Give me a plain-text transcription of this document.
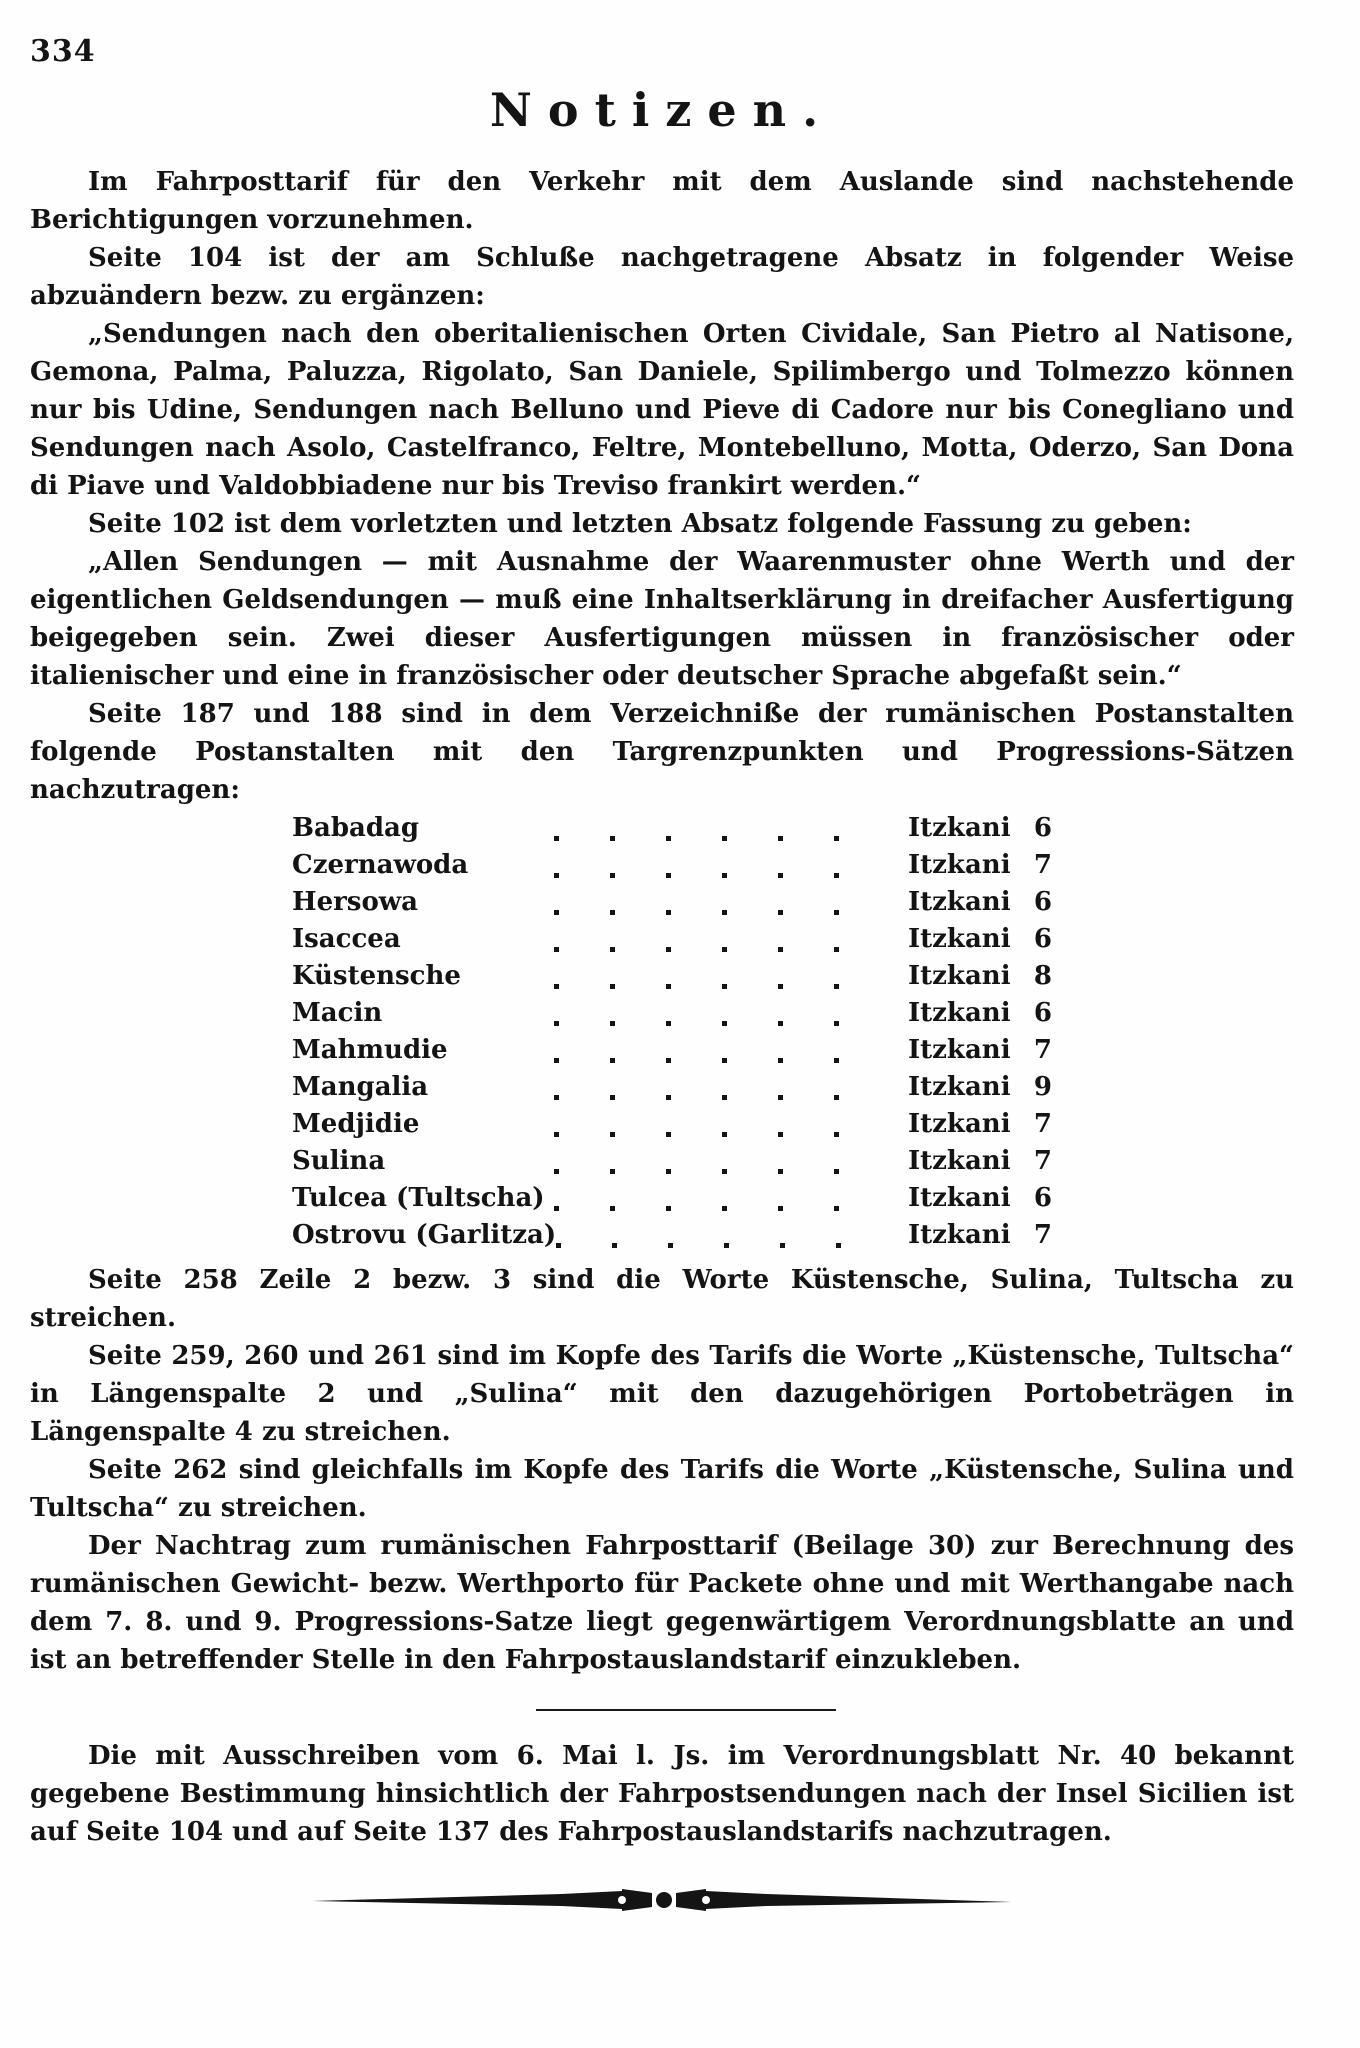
334
Notizen.

Im Fahrposttarif für den Verkehr mit dem Auslande sind nachstehende Berichtigungen vorzunehmen.

Seite 104 ist der am Schluße nachgetragene Absatz in folgender Weise abzuändern bezw. zu ergänzen:

„Sendungen nach den oberitalienischen Orten Cividale, San Pietro al Natisone, Gemona, Palma, Paluzza, Rigolato, San Daniele, Spilimbergo und Tolmezzo können nur bis Udine, Sendungen nach Belluno und Pieve di Cadore nur bis Conegliano und Sendungen nach Asolo, Castelfranco, Feltre, Montebelluno, Motta, Oderzo, San Dona di Piave und Valdobbiadene nur bis Treviso frankirt werden.“

Seite 102 ist dem vorletzten und letzten Absatz folgende Fassung zu geben:

„Allen Sendungen — mit Ausnahme der Waarenmuster ohne Werth und der eigentlichen Geldsendungen — muß eine Inhaltserklärung in dreifacher Ausfertigung beigegeben sein. Zwei dieser Ausfertigungen müssen in französischer oder italienischer und eine in französischer oder deutscher Sprache abgefaßt sein.“

Seite 187 und 188 sind in dem Verzeichniße der rumänischen Postanstalten folgende Postanstalten mit den Targrenzpunkten und Progressions-Sätzen nachzutragen:

Babadag	Itzkani 6
Czernawoda	Itzkani 7
Hersowa	Itzkani 6
Isaccea	Itzkani 6
Küstensche	Itzkani 8
Macin	Itzkani 6
Mahmudie	Itzkani 7
Mangalia	Itzkani 9
Medjidie	Itzkani 7
Sulina	Itzkani 7
Tulcea (Tultscha)	Itzkani 6
Ostrovu (Garlitza)	Itzkani 7

Seite 258 Zeile 2 bezw. 3 sind die Worte Küstensche, Sulina, Tultscha zu streichen.

Seite 259, 260 und 261 sind im Kopfe des Tarifs die Worte „Küstensche, Tultscha“ in Längenspalte 2 und „Sulina“ mit den dazugehörigen Portobeträgen in Längenspalte 4 zu streichen.

Seite 262 sind gleichfalls im Kopfe des Tarifs die Worte „Küstensche, Sulina und Tultscha“ zu streichen.

Der Nachtrag zum rumänischen Fahrposttarif (Beilage 30) zur Berechnung des rumänischen Gewicht- bezw. Werthporto für Packete ohne und mit Werthangabe nach dem 7. 8. und 9. Progressions-Satze liegt gegenwärtigem Verordnungsblatte an und ist an betreffender Stelle in den Fahrpostauslandstarif einzukleben.

Die mit Ausschreiben vom 6. Mai l. Js. im Verordnungsblatt Nr. 40 bekannt gegebene Bestimmung hinsichtlich der Fahrpostsendungen nach der Insel Sicilien ist auf Seite 104 und auf Seite 137 des Fahrpostauslandstarifs nachzutragen.
